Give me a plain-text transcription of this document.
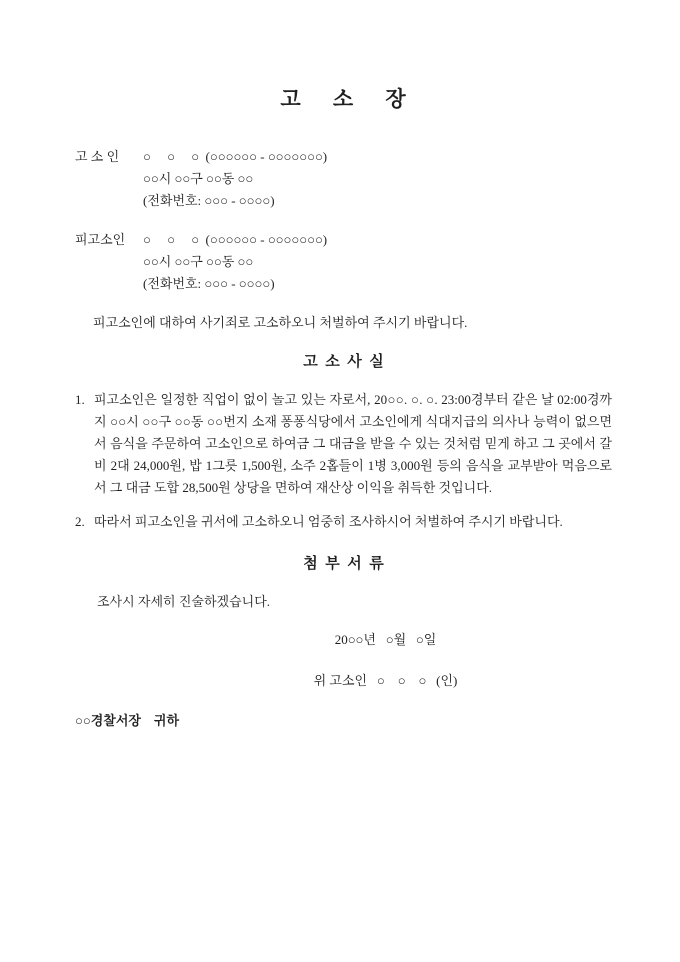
고     소     장
고 소 인	○     ○     ○  (○○○○○○ - ○○○○○○○)
○○시 ○○구 ○○동 ○○
(전화번호: ○○○ - ○○○○)
피고소인	○     ○     ○  (○○○○○○ - ○○○○○○○)
○○시 ○○구 ○○동 ○○
(전화번호: ○○○ - ○○○○)

피고소인에 대하여 사기죄로 고소하오니 처벌하여 주시기 바랍니다.

고  소  사  실
1. 피고소인은 일정한 직업이 없이 놀고 있는 자로서, 20○○. ○. ○. 23:00경부터 같은 날 02:00경까지 ○○시 ○○구 ○○동 ○○번지 소재 퐁퐁식당에서 고소인에게 식대지급의 의사나 능력이 없으면서 음식을 주문하여 고소인으로 하여금 그 대금을 받을 수 있는 것처럼 믿게 하고 그 곳에서 갈비 2대 24,000원, 밥 1그릇 1,500원, 소주 2홉들이 1병 3,000원 등의 음식을 교부받아 먹음으로서 그 대금 도합 28,500원 상당을 면하여 재산상 이익을 취득한 것입니다.
2. 따라서 피고소인을 귀서에 고소하오니 엄중히 조사하시어 처벌하여 주시기 바랍니다.
첨  부  서  류

조사시 자세히 진술하겠습니다.

20○○년   ○월   ○일

위 고소인   ○    ○    ○   (인)

○○경찰서장    귀하
